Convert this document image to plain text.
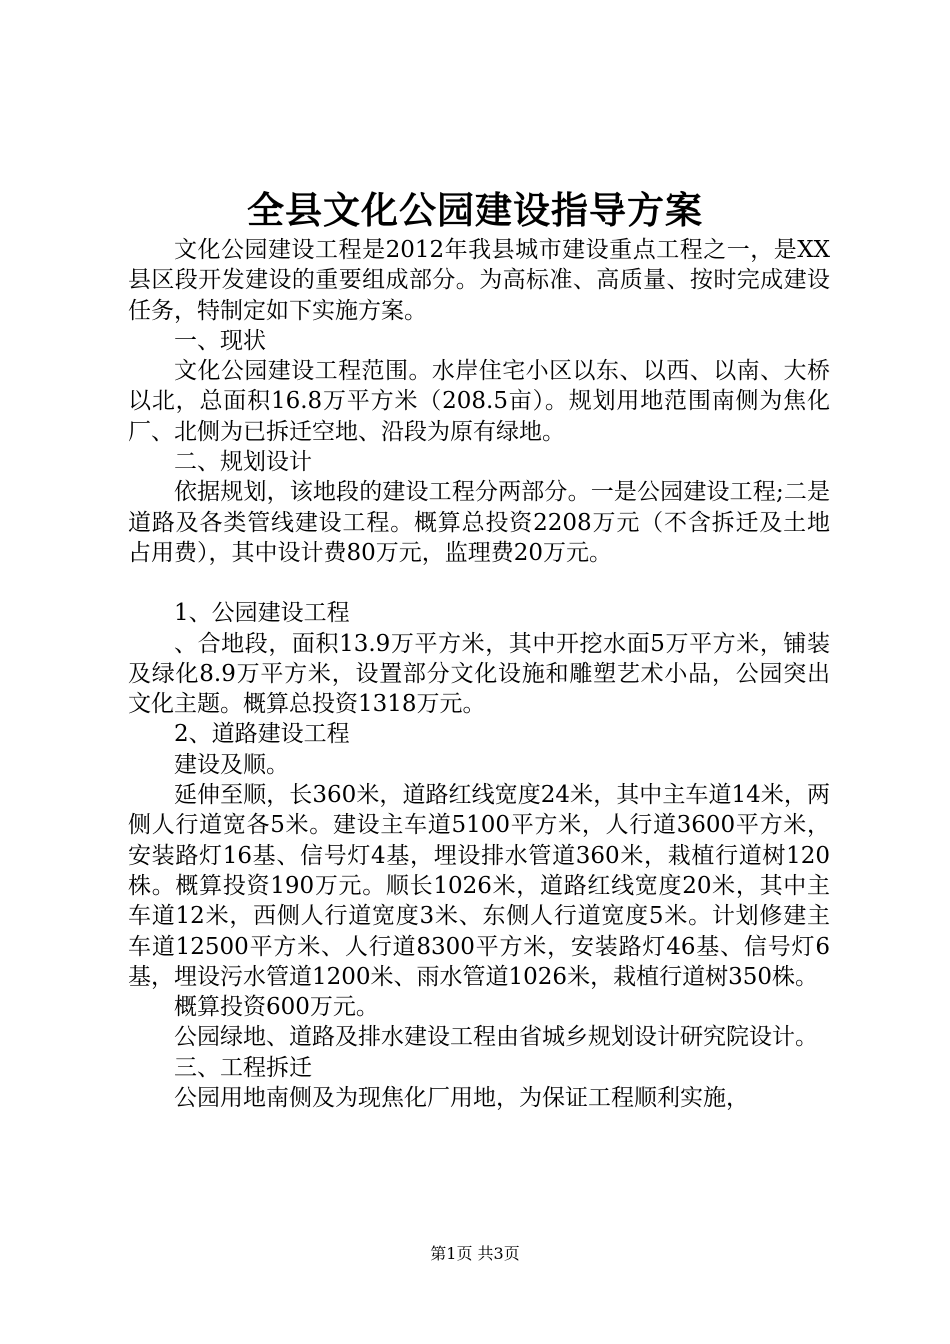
全县文化公园建设指导方案

文化公园建设工程是2012年我县城市建设重点工程之一，是XX县区段开发建设的重要组成部分。为高标准、高质量、按时完成建设任务，特制定如下实施方案。

一、现状

文化公园建设工程范围。水岸住宅小区以东、以西、以南、大桥以北，总面积16.8万平方米（208.5亩）。规划用地范围南侧为焦化厂、北侧为已拆迁空地、沿段为原有绿地。

二、规划设计

依据规划，该地段的建设工程分两部分。一是公园建设工程;二是道路及各类管线建设工程。概算总投资2208万元（不含拆迁及土地占用费），其中设计费80万元，监理费20万元。

1、公园建设工程

、合地段，面积13.9万平方米，其中开挖水面5万平方米，铺装及绿化8.9万平方米，设置部分文化设施和雕塑艺术小品，公园突出文化主题。概算总投资1318万元。

2、道路建设工程

建设及顺。

延伸至顺，长360米，道路红线宽度24米，其中主车道14米，两侧人行道宽各5米。建设主车道5100平方米，人行道3600平方米，安装路灯16基、信号灯4基，埋设排水管道360米，栽植行道树120株。概算投资190万元。顺长1026米，道路红线宽度20米，其中主车道12米，西侧人行道宽度3米、东侧人行道宽度5米。计划修建主车道12500平方米、人行道8300平方米，安装路灯46基、信号灯6基，埋设污水管道1200米、雨水管道1026米，栽植行道树350株。

概算投资600万元。

公园绿地、道路及排水建设工程由省城乡规划设计研究院设计。

三、工程拆迁

公园用地南侧及为现焦化厂用地，为保证工程顺利实施，

第1页 共3页
